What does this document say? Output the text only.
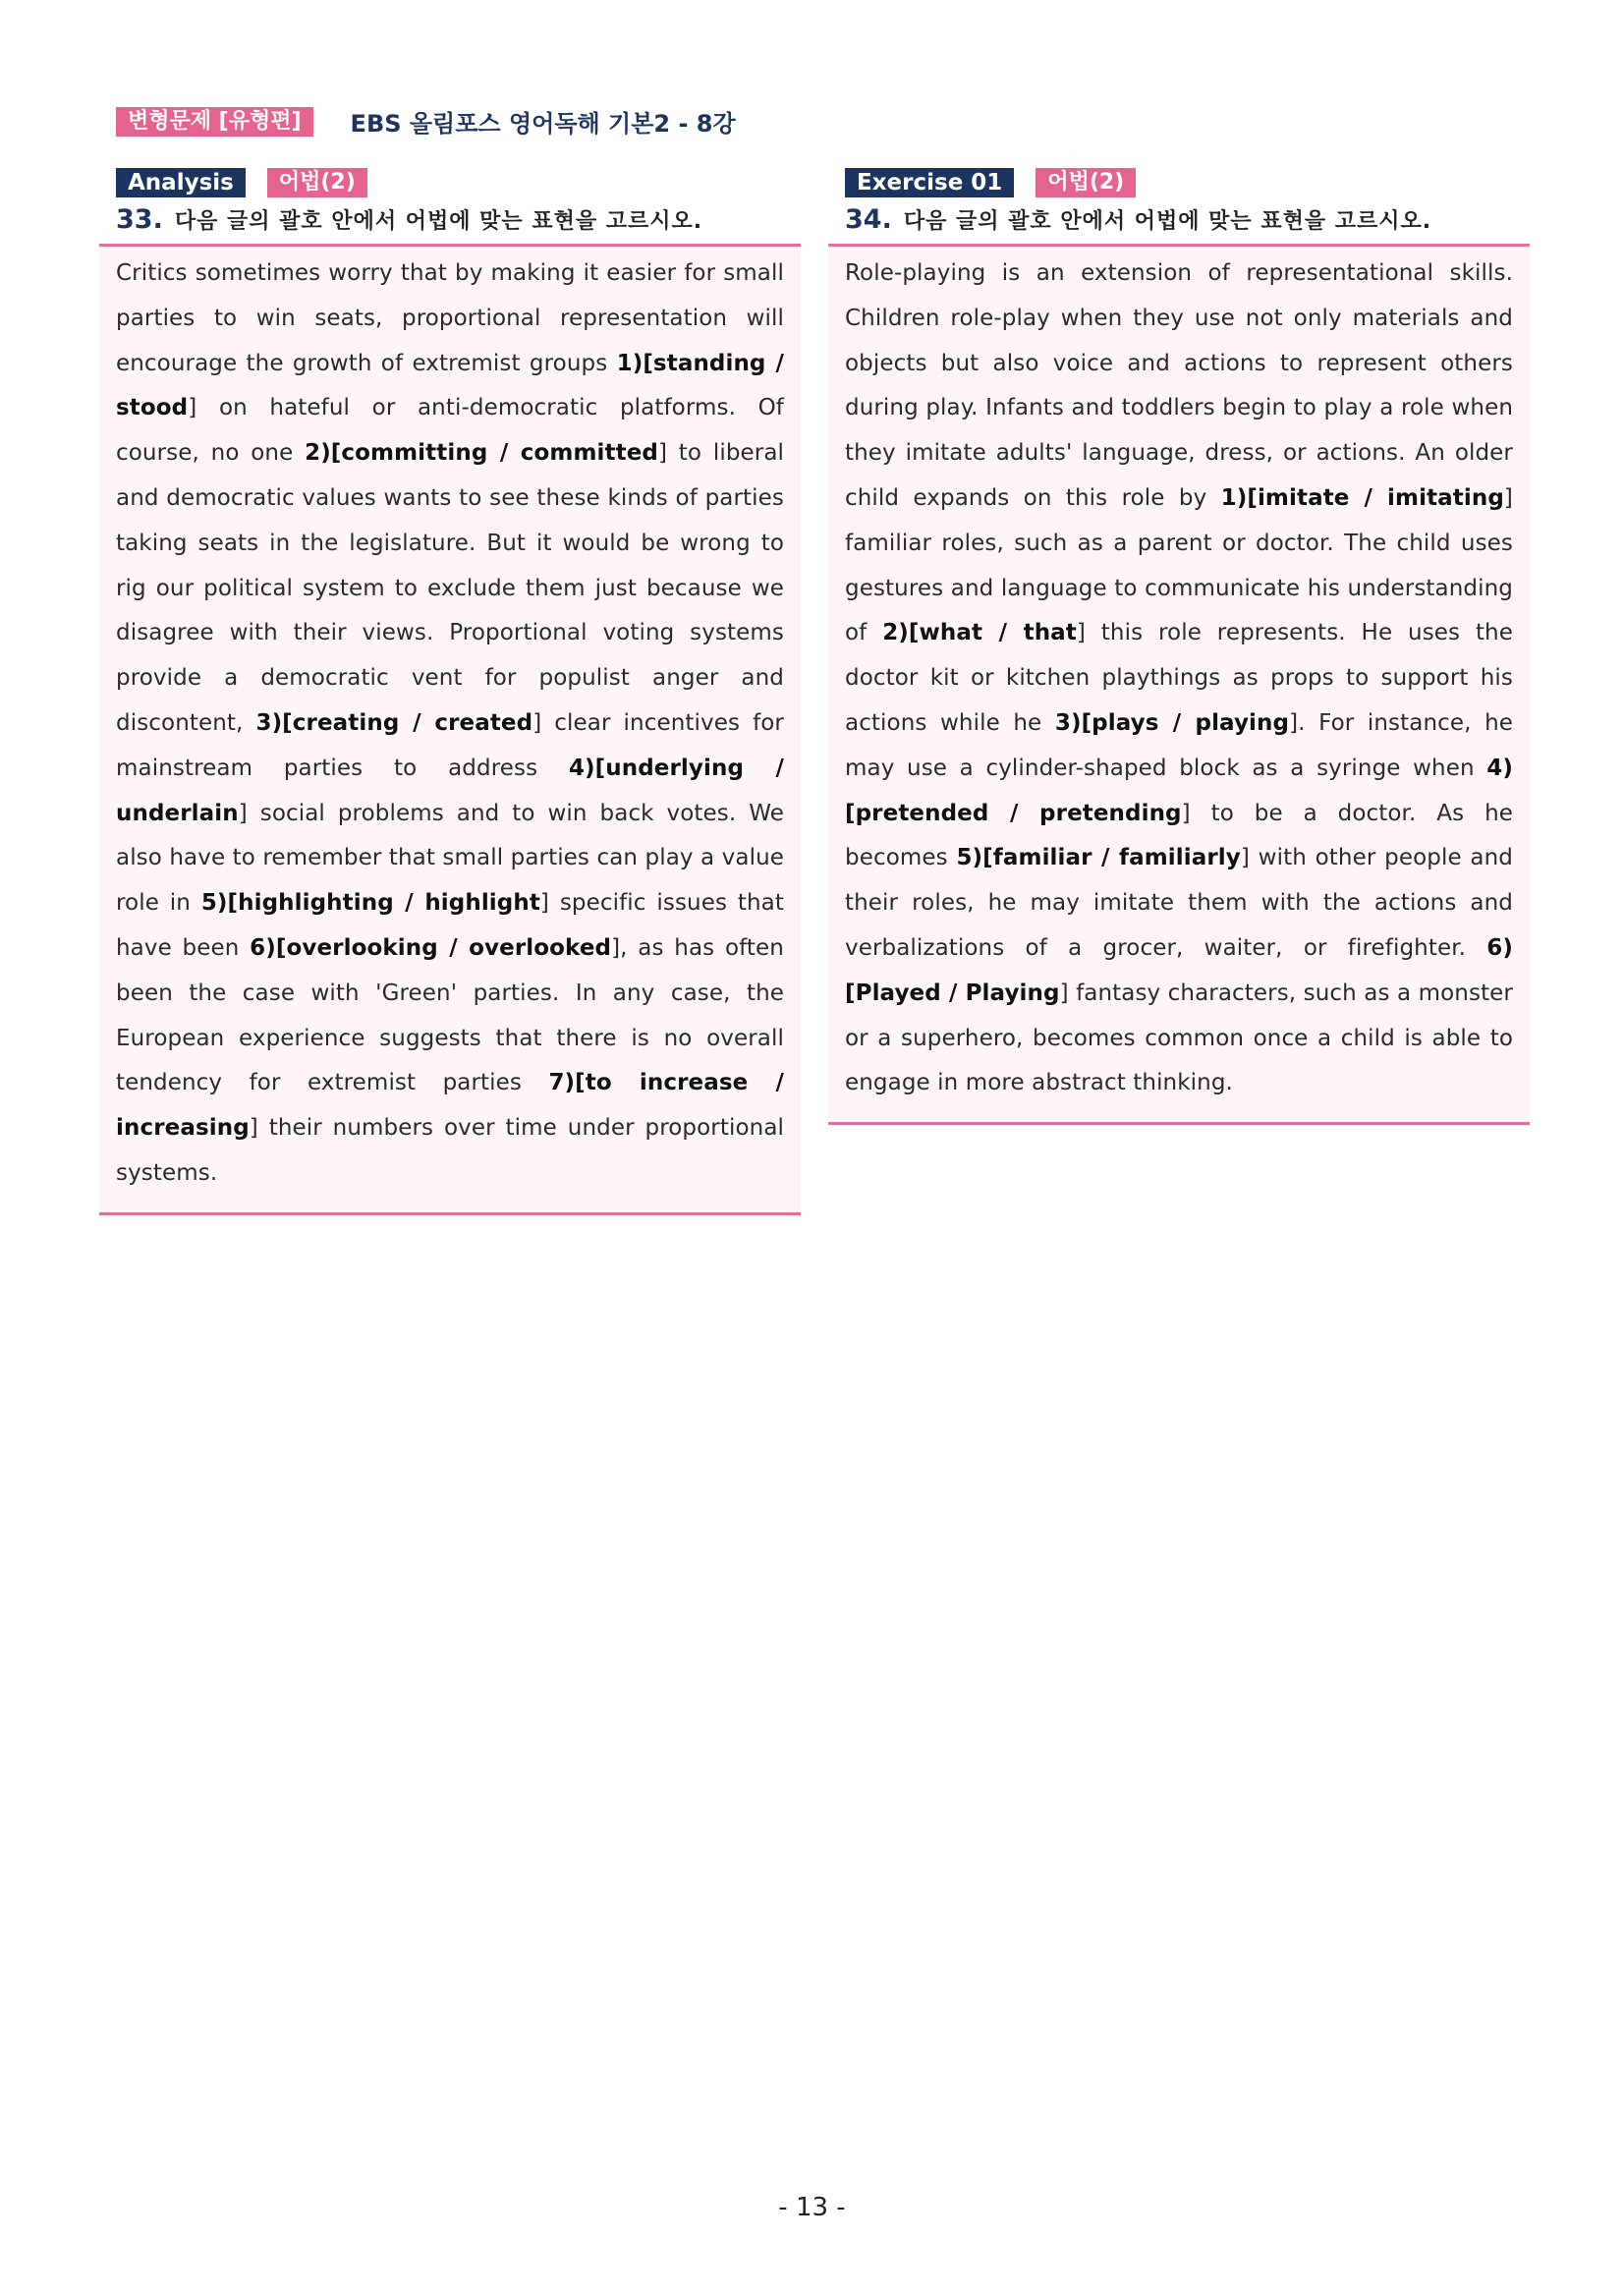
변형문제 [유형편]	EBS 올림포스 영어독해 기본2 - 8강
Analysis	어법(2)
33. 다음 글의 괄호 안에서 어법에 맞는 표현을 고르시오.

Critics sometimes worry that by making it easier for small parties to win seats, proportional representation will encourage the growth of extremist groups 1)[standing / stood] on hateful or anti-democratic platforms. Of course, no one 2)[committing / committed] to liberal and democratic values wants to see these kinds of parties taking seats in the legislature. But it would be wrong to rig our political system to exclude them just because we disagree with their views. Proportional voting systems provide a democratic vent for populist anger and discontent, 3)[creating / created] clear incentives for mainstream parties to address 4)[underlying / underlain] social problems and to win back votes. We also have to remember that small parties can play a value role in 5)[highlighting / highlight] specific issues that have been 6)[overlooking / overlooked], as has often been the case with 'Green' parties. In any case, the European experience suggests that there is no overall tendency for extremist parties 7)[to increase / increasing] their numbers over time under proportional systems.

Exercise 01	어법(2)
34. 다음 글의 괄호 안에서 어법에 맞는 표현을 고르시오.

Role-playing is an extension of representational skills. Children role-play when they use not only materials and objects but also voice and actions to represent others during play. Infants and toddlers begin to play a role when they imitate adults' language, dress, or actions. An older child expands on this role by 1)[imitate / imitating] familiar roles, such as a parent or doctor. The child uses gestures and language to communicate his understanding of 2)[what / that] this role represents. He uses the doctor kit or kitchen playthings as props to support his actions while he 3)[plays / playing]. For instance, he may use a cylinder-shaped block as a syringe when 4)[pretended / pretending] to be a doctor. As he becomes 5)[familiar / familiarly] with other people and their roles, he may imitate them with the actions and verbalizations of a grocer, waiter, or firefighter. 6)[Played / Playing] fantasy characters, such as a monster or a superhero, becomes common once a child is able to engage in more abstract thinking.

- 13 -
